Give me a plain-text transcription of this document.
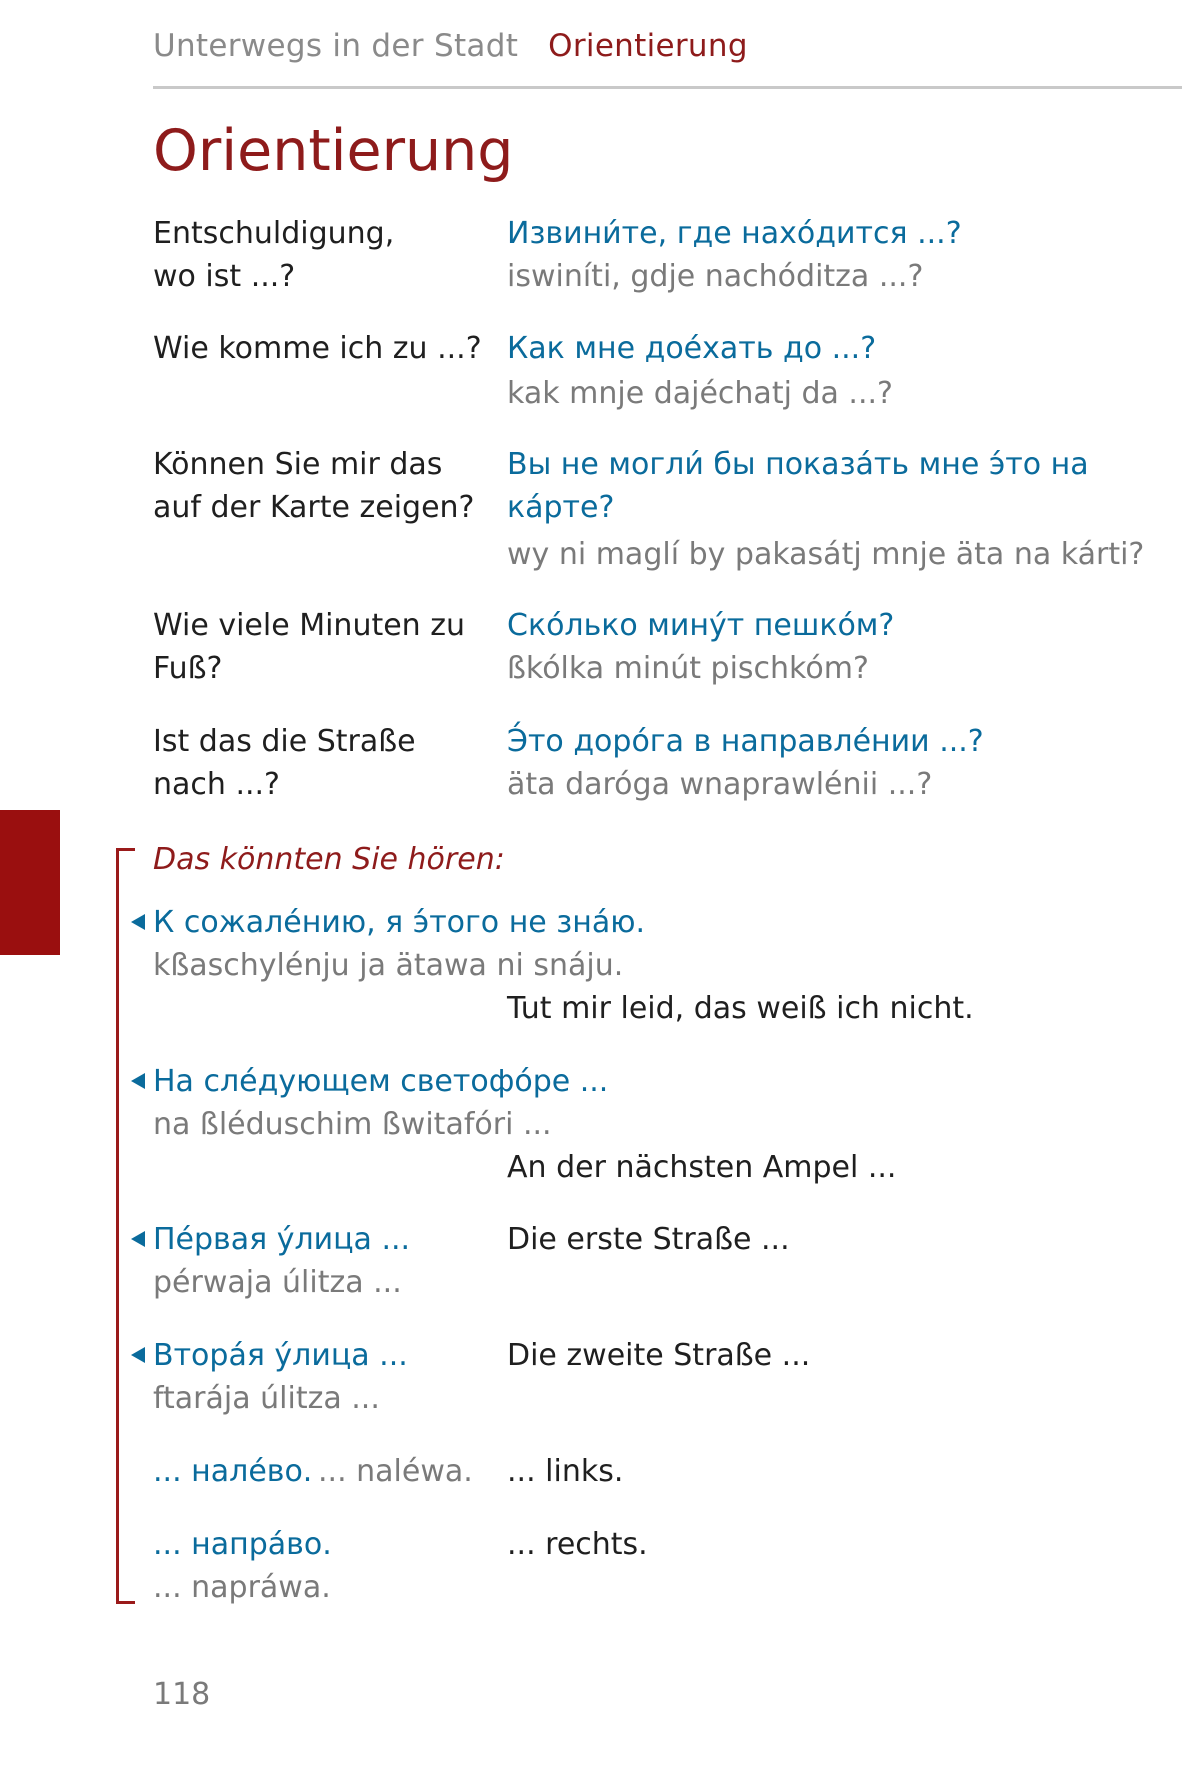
Unterwegs in der Stadt Orientierung
Orientierung
Entschuldigung,
wo ist ...?
Извини́те, где нахо́дится ...?
iswiníti, gdje nachóditza ...?
Wie komme ich zu ...? Как мне дое́хать до ...?
kak mnje dajéchatj da ...?
Können Sie mir das
auf der Karte zeigen?
Вы не могли́ бы показа́ть мне э́то на
ка́рте?
wy ni maglí by pakasátj mnje äta na kárti?
Wie viele Minuten zu
Fuß?
Ско́лько мину́т пешко́м?
ßkólka minút pischkóm?
Ist das die Straße
nach ...?
Э́то доро́га в направле́нии ...?
äta daróga wnaprawlénii ...?
Das könnten Sie hören:
К сожале́нию, я э́того не зна́ю.
kßaschylénju ja ätawa ni snáju.
Tut mir leid, das weiß ich nicht.
На сле́дующем светофо́ре ...
na ßléduschim ßwitafóri ...
An der nächsten Ampel ...
Пе́рвая у́лица ...
pérwaja úlitza ...
Die erste Straße ...
Втора́я у́лица ...
ftarája úlitza ...
Die zweite Straße ...
... нале́во. ... naléwa. ... links.
... напра́во.
... napráwa.
... rechts.
118
